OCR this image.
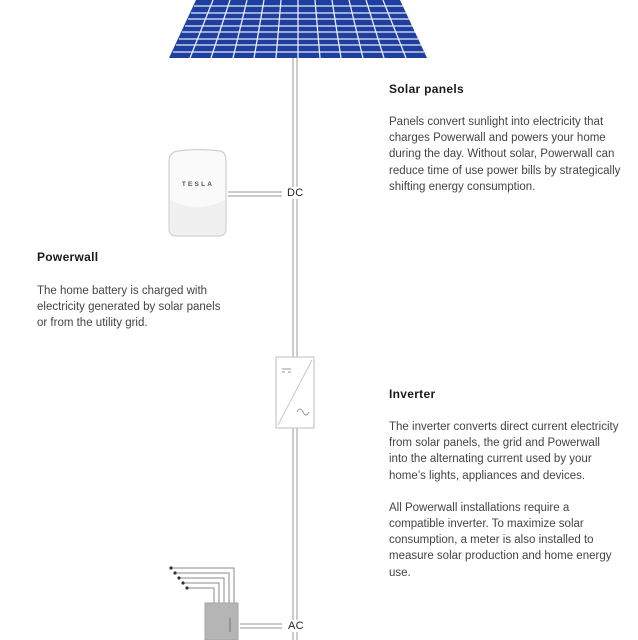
TESLA
DC
AC
Solar panels

Panels convert sunlight into electricity that charges Powerwall and powers your home during the day. Without solar, Powerwall can reduce time of use power bills by strategically shifting energy consumption.

Powerwall

The home battery is charged with electricity generated by solar panels or from the utility grid.

Inverter

The inverter converts direct current electricity from solar panels, the grid and Powerwall into the alternating current used by your home’s lights, appliances and devices.

All Powerwall installations require a compatible inverter. To maximize solar consumption, a meter is also installed to measure solar production and home energy use.
